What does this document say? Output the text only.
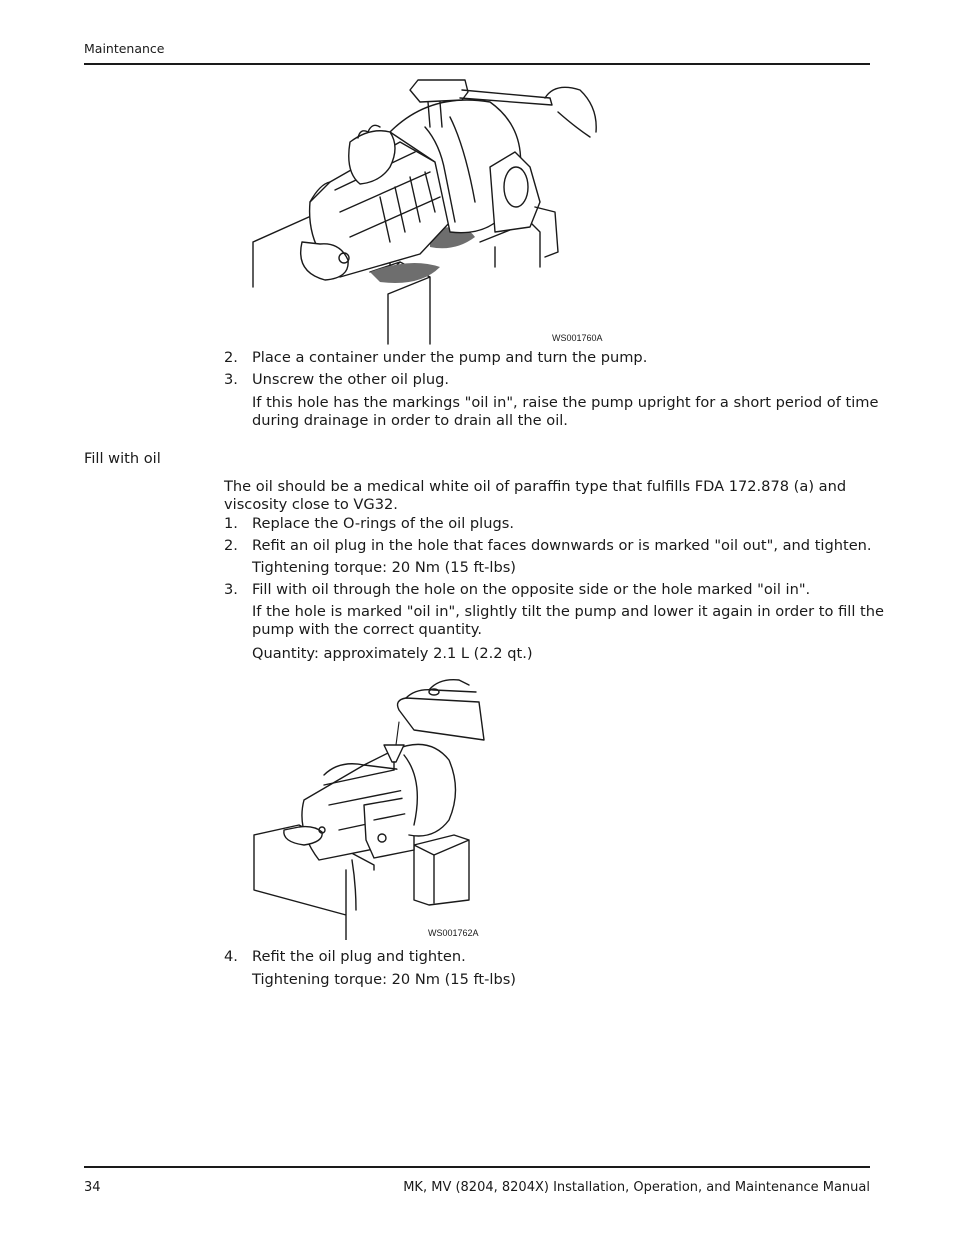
Maintenance
WS001760A
2. Place a container under the pump and turn the pump.
3. Unscrew the other oil plug.
If this hole has the markings "oil in", raise the pump upright for a short period of time
during drainage in order to drain all the oil.
Fill with oil
The oil should be a medical white oil of paraffin type that fulfills FDA 172.878 (a) and
viscosity close to VG32.
1. Replace the O-rings of the oil plugs.
2. Refit an oil plug in the hole that faces downwards or is marked "oil out", and tighten.
Tightening torque: 20 Nm (15 ft-lbs)
3. Fill with oil through the hole on the opposite side or the hole marked "oil in".
If the hole is marked "oil in", slightly tilt the pump and lower it again in order to fill the
pump with the correct quantity.
Quantity: approximately 2.1 L (2.2 qt.)
WS001762A
4. Refit the oil plug and tighten.
Tightening torque: 20 Nm (15 ft-lbs)
34	MK, MV (8204, 8204X) Installation, Operation, and Maintenance Manual
